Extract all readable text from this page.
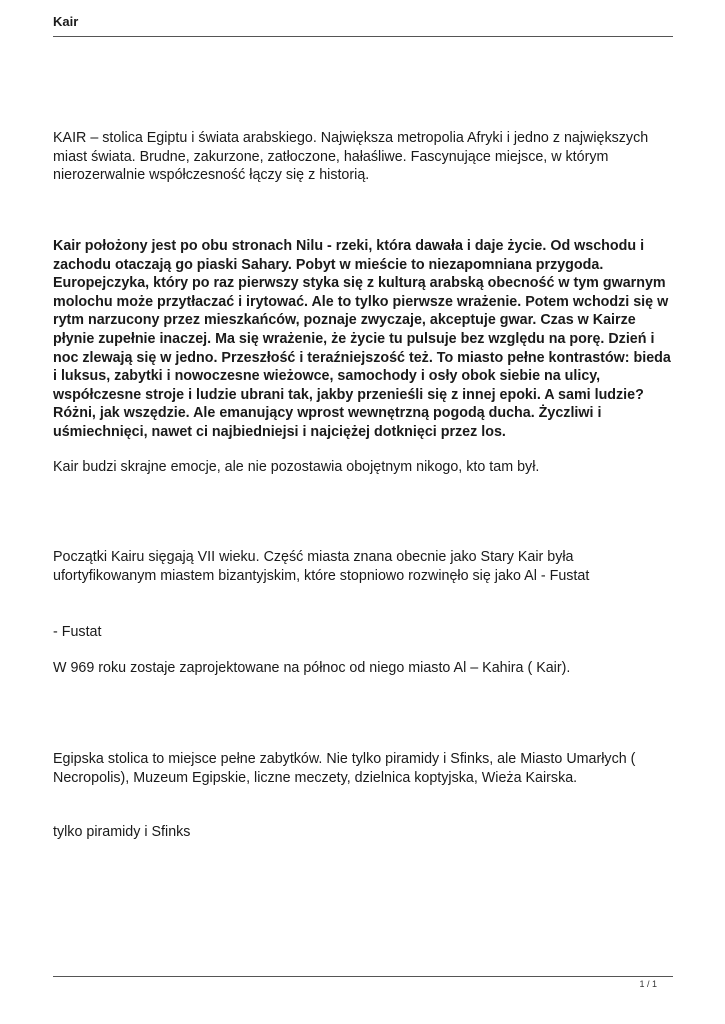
Kair

KAIR – stolica Egiptu i świata arabskiego. Największa metropolia Afryki i jedno z największych miast świata. Brudne, zakurzone, zatłoczone, hałaśliwe. Fascynujące miejsce, w którym nierozerwalnie współczesność łączy się z historią.

Kair położony jest po obu stronach Nilu - rzeki, która dawała i daje życie. Od wschodu i zachodu otaczają go piaski Sahary. Pobyt w mieście to niezapomniana przygoda. Europejczyka, który po raz pierwszy styka się z kulturą arabską obecność w tym gwarnym molochu może przytłaczać i irytować. Ale to tylko pierwsze wrażenie. Potem wchodzi się w rytm narzucony przez mieszkańców, poznaje zwyczaje, akceptuje gwar. Czas w Kairze płynie zupełnie inaczej. Ma się wrażenie, że życie tu pulsuje bez względu na porę. Dzień i noc zlewają się w jedno. Przeszłość i teraźniejszość też. To miasto pełne kontrastów: bieda i luksus, zabytki i nowoczesne wieżowce, samochody i osły obok siebie na ulicy, współczesne stroje i ludzie ubrani tak, jakby przenieśli się z innej epoki. A sami ludzie? Różni, jak wszędzie. Ale emanujący wprost wewnętrzną pogodą ducha. Życzliwi i uśmiechnięci, nawet ci najbiedniejsi i najciężej dotknięci przez los.

Kair budzi skrajne emocje, ale nie pozostawia obojętnym nikogo, kto tam był.

Początki Kairu sięgają VII wieku. Część miasta znana obecnie jako Stary Kair była ufortyfikowanym miastem bizantyjskim, które stopniowo rozwinęło się jako Al - Fustat

- Fustat

W 969 roku zostaje zaprojektowane na północ od niego miasto Al – Kahira ( Kair).

Egipska stolica to miejsce pełne zabytków. Nie tylko piramidy i Sfinks, ale Miasto Umarłych ( Necropolis), Muzeum Egipskie, liczne meczety, dzielnica koptyjska, Wieża Kairska.

tylko piramidy i Sfinks

1 / 1
